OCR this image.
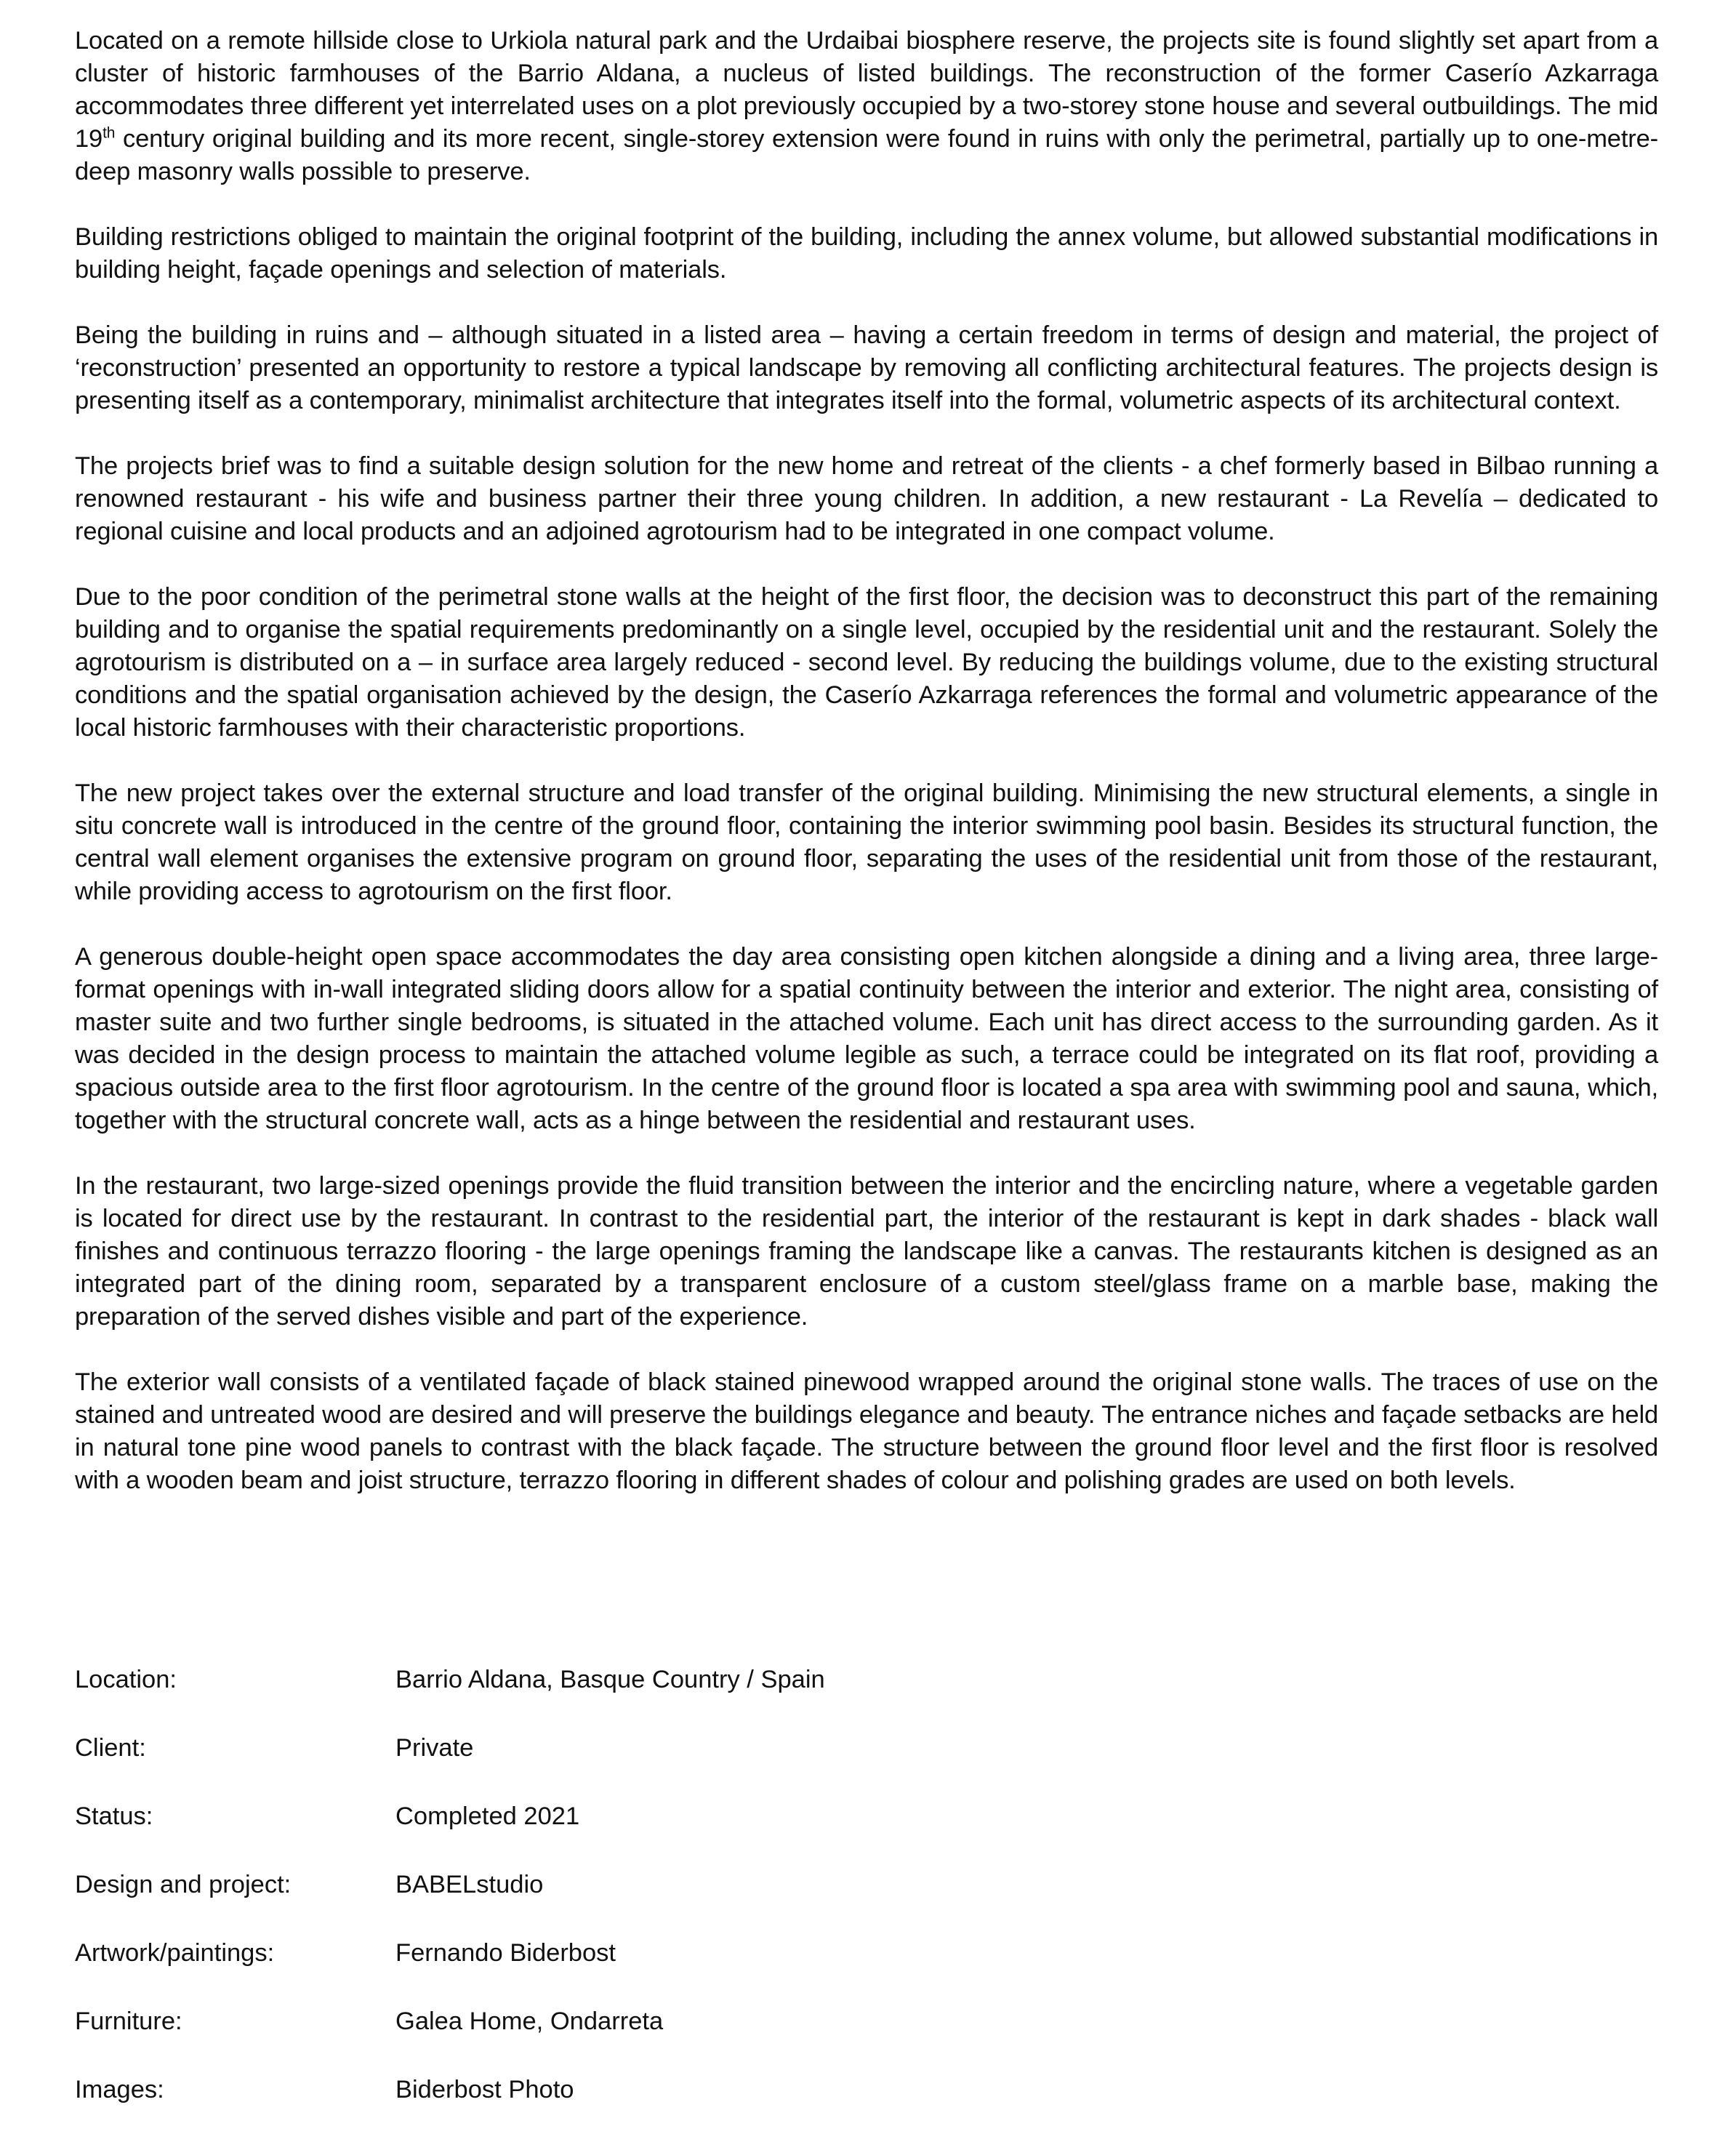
Located on a remote hillside close to Urkiola natural park and the Urdaibai biosphere reserve, the projects site is found slightly set apart from a cluster of historic farmhouses of the Barrio Aldana, a nucleus of listed buildings. The reconstruction of the former Caserío Azkarraga accommodates three different yet interrelated uses on a plot previously occupied by a two-storey stone house and several outbuildings. The mid 19th century original building and its more recent, single-storey extension were found in ruins with only the perimetral, partially up to one-metre-deep masonry walls possible to preserve.

Building restrictions obliged to maintain the original footprint of the building, including the annex volume, but allowed substantial modifications in building height, façade openings and selection of materials.

Being the building in ruins and – although situated in a listed area – having a certain freedom in terms of design and material, the project of ‘reconstruction’ presented an opportunity to restore a typical landscape by removing all conflicting architectural features. The projects design is presenting itself as a contemporary, minimalist architecture that integrates itself into the formal, volumetric aspects of its architectural context.

The projects brief was to find a suitable design solution for the new home and retreat of the clients - a chef formerly based in Bilbao running a renowned restaurant - his wife and business partner their three young children. In addition, a new restaurant - La Revelía – dedicated to regional cuisine and local products and an adjoined agrotourism had to be integrated in one compact volume.

Due to the poor condition of the perimetral stone walls at the height of the first floor, the decision was to deconstruct this part of the remaining building and to organise the spatial requirements predominantly on a single level, occupied by the residential unit and the restaurant. Solely the agrotourism is distributed on a – in surface area largely reduced - second level. By reducing the buildings volume, due to the existing structural conditions and the spatial organisation achieved by the design, the Caserío Azkarraga references the formal and volumetric appearance of the local historic farmhouses with their characteristic proportions.

The new project takes over the external structure and load transfer of the original building. Minimising the new structural elements, a single in situ concrete wall is introduced in the centre of the ground floor, containing the interior swimming pool basin. Besides its structural function, the central wall element organises the extensive program on ground floor, separating the uses of the residential unit from those of the restaurant, while providing access to agrotourism on the first floor.

A generous double-height open space accommodates the day area consisting open kitchen alongside a dining and a living area, three large-format openings with in-wall integrated sliding doors allow for a spatial continuity between the interior and exterior. The night area, consisting of master suite and two further single bedrooms, is situated in the attached volume. Each unit has direct access to the surrounding garden. As it was decided in the design process to maintain the attached volume legible as such, a terrace could be integrated on its flat roof, providing a spacious outside area to the first floor agrotourism. In the centre of the ground floor is located a spa area with swimming pool and sauna, which, together with the structural concrete wall, acts as a hinge between the residential and restaurant uses.

In the restaurant, two large-sized openings provide the fluid transition between the interior and the encircling nature, where a vegetable garden is located for direct use by the restaurant. In contrast to the residential part, the interior of the restaurant is kept in dark shades - black wall finishes and continuous terrazzo flooring - the large openings framing the landscape like a canvas. The restaurants kitchen is designed as an integrated part of the dining room, separated by a transparent enclosure of a custom steel/glass frame on a marble base, making the preparation of the served dishes visible and part of the experience.

The exterior wall consists of a ventilated façade of black stained pinewood wrapped around the original stone walls. The traces of use on the stained and untreated wood are desired and will preserve the buildings elegance and beauty. The entrance niches and façade setbacks are held in natural tone pine wood panels to contrast with the black façade. The structure between the ground floor level and the first floor is resolved with a wooden beam and joist structure, terrazzo flooring in different shades of colour and polishing grades are used on both levels.

Location:	Barrio Aldana, Basque Country / Spain
Client:	Private
Status:	Completed 2021
Design and project:	BABELstudio
Artwork/paintings:	Fernando Biderbost
Furniture:	Galea Home, Ondarreta
Images:	Biderbost Photo
